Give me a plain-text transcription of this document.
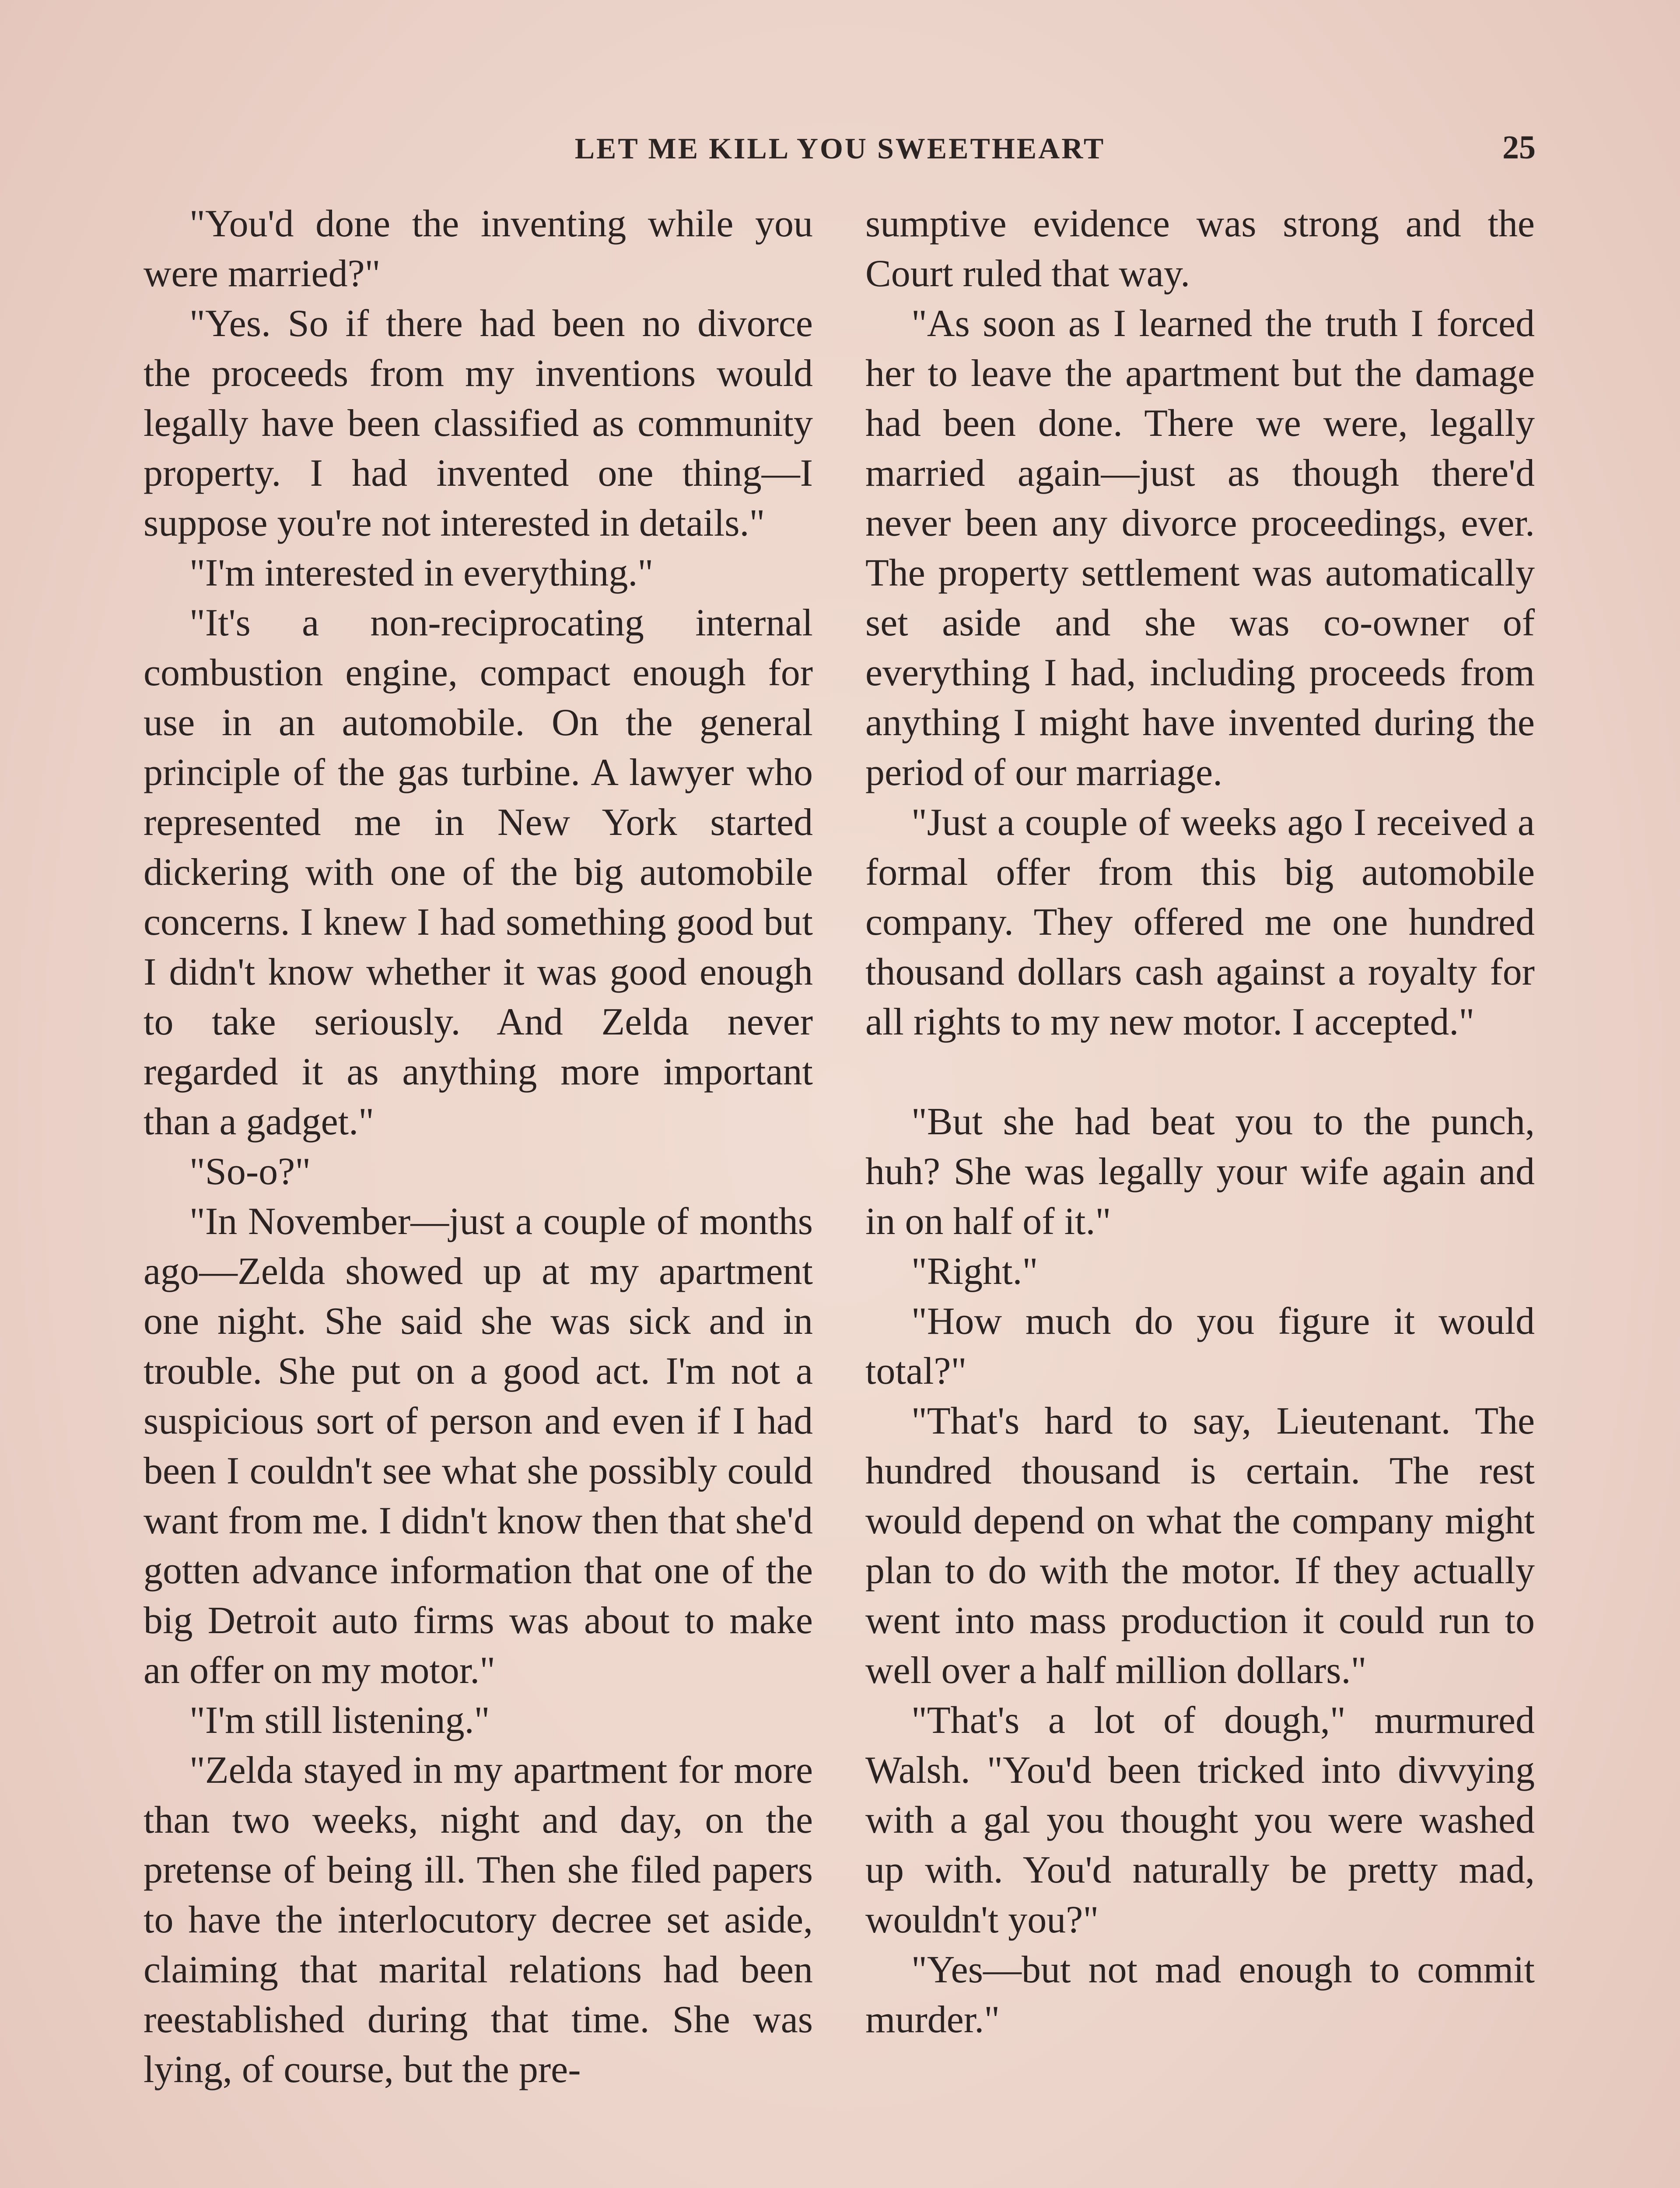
LET ME KILL YOU SWEETHEART	25

"You'd done the inventing while you were married?"

"Yes. So if there had been no divorce the proceeds from my inventions would legally have been classified as community property. I had invented one thing—I suppose you're not interested in details."

"I'm interested in everything."

"It's a non-reciprocating internal combustion engine, compact enough for use in an automobile. On the general principle of the gas turbine. A lawyer who represented me in New York started dickering with one of the big automobile concerns. I knew I had something good but I didn't know whether it was good enough to take seriously. And Zelda never regarded it as anything more important than a gadget."

"So-o?"

"In November—just a couple of months ago—Zelda showed up at my apartment one night. She said she was sick and in trouble. She put on a good act. I'm not a suspicious sort of person and even if I had been I couldn't see what she possibly could want from me. I didn't know then that she'd gotten advance information that one of the big Detroit auto firms was about to make an offer on my motor."

"I'm still listening."

"Zelda stayed in my apartment for more than two weeks, night and day, on the pretense of being ill. Then she filed papers to have the interlocutory decree set aside, claiming that marital relations had been reestablished during that time. She was lying, of course, but the pre-

sumptive evidence was strong and the Court ruled that way.

"As soon as I learned the truth I forced her to leave the apartment but the damage had been done. There we were, legally married again—just as though there'd never been any divorce proceedings, ever. The property settlement was automatically set aside and she was co-owner of everything I had, including proceeds from anything I might have invented during the period of our marriage.

"Just a couple of weeks ago I received a formal offer from this big automobile company. They offered me one hundred thousand dollars cash against a royalty for all rights to my new motor. I accepted."

"But she had beat you to the punch, huh? She was legally your wife again and in on half of it."

"Right."

"How much do you figure it would total?"

"That's hard to say, Lieutenant. The hundred thousand is certain. The rest would depend on what the company might plan to do with the motor. If they actually went into mass production it could run to well over a half million dollars."

"That's a lot of dough," murmured Walsh. "You'd been tricked into divvying with a gal you thought you were washed up with. You'd naturally be pretty mad, wouldn't you?"

"Yes—but not mad enough to commit murder."
